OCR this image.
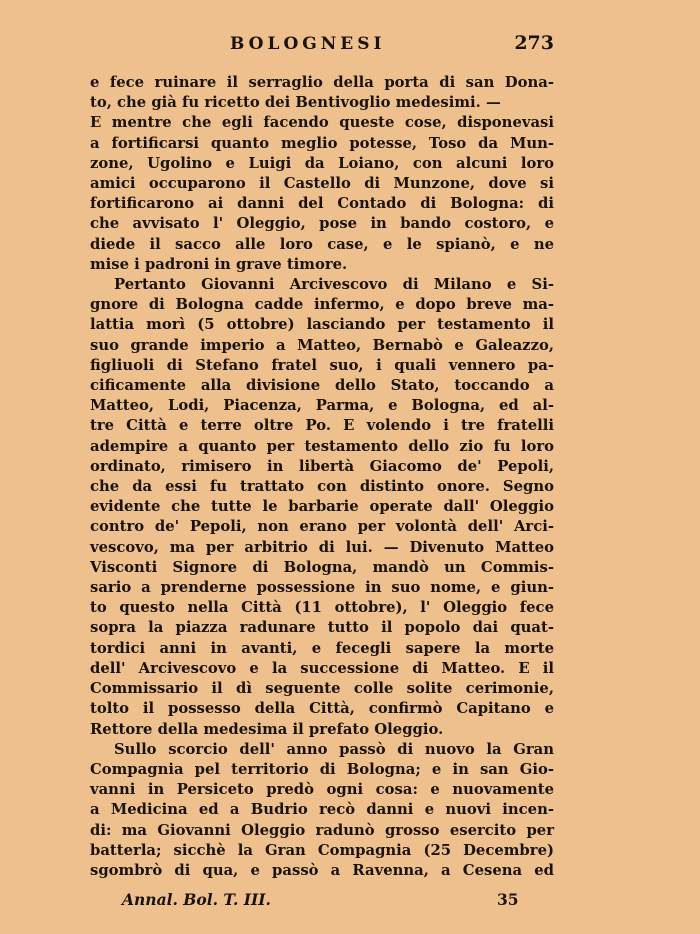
BOLOGNESI	273
e fece ruinare il serraglio della porta di san Dona-
to, che già fu ricetto dei Bentivoglio medesimi. —
E mentre che egli facendo queste cose, disponevasi
a fortificarsi quanto meglio potesse, Toso da Mun-
zone, Ugolino e Luigi da Loiano, con alcuni loro
amici occuparono il Castello di Munzone, dove si
fortificarono ai danni del Contado di Bologna: di
che avvisato l' Oleggio, pose in bando costoro, e
diede il sacco alle loro case, e le spianò, e ne
mise i padroni in grave timore.
Pertanto Giovanni Arcivescovo di Milano e Si-
gnore di Bologna cadde infermo, e dopo breve ma-
lattia morì (5 ottobre) lasciando per testamento il
suo grande imperio a Matteo, Bernabò e Galeazzo,
figliuoli di Stefano fratel suo, i quali vennero pa-
cificamente alla divisione dello Stato, toccando a
Matteo, Lodi, Piacenza, Parma, e Bologna, ed al-
tre Città e terre oltre Po. E volendo i tre fratelli
adempire a quanto per testamento dello zio fu loro
ordinato, rimisero in libertà Giacomo de' Pepoli,
che da essi fu trattato con distinto onore. Segno
evidente che tutte le barbarie operate dall' Oleggio
contro de' Pepoli, non erano per volontà dell' Arci-
vescovo, ma per arbitrio di lui. — Divenuto Matteo
Visconti Signore di Bologna, mandò un Commis-
sario a prenderne possessione in suo nome, e giun-
to questo nella Città (11 ottobre), l' Oleggio fece
sopra la piazza radunare tutto il popolo dai quat-
tordici anni in avanti, e fecegli sapere la morte
dell' Arcivescovo e la successione di Matteo. E il
Commissario il dì seguente colle solite cerimonie,
tolto il possesso della Città, confirmò Capitano e
Rettore della medesima il prefato Oleggio.
Sullo scorcio dell' anno passò di nuovo la Gran
Compagnia pel territorio di Bologna; e in san Gio-
vanni in Persiceto predò ogni cosa: e nuovamente
a Medicina ed a Budrio recò danni e nuovi incen-
di: ma Giovanni Oleggio radunò grosso esercito per
batterla; sicchè la Gran Compagnia (25 Decembre)
sgombrò di qua, e passò a Ravenna, a Cesena ed
Annal. Bol. T. III.	35
